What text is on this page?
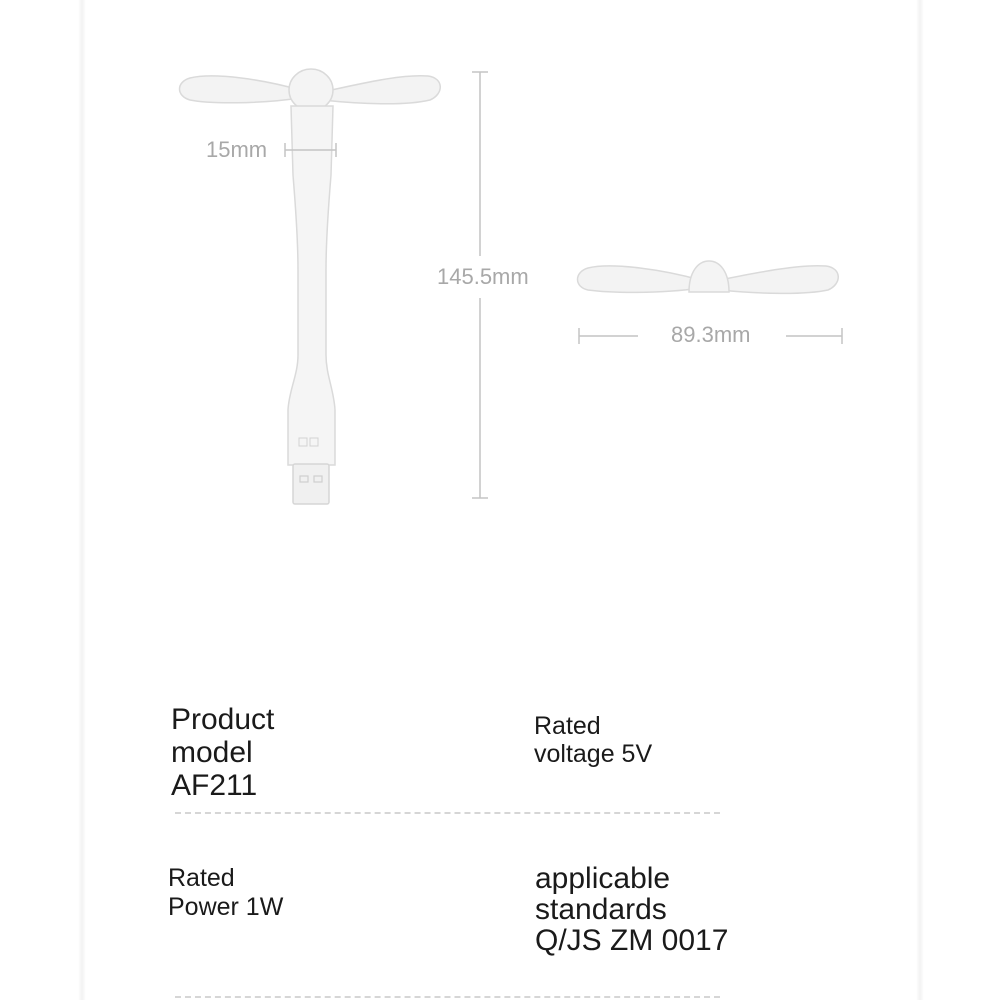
15mm
145.5mm
89.3mm
Product
model
AF211
Rated
voltage 5V
Rated
Power 1W
applicable
standards
Q/JS ZM 0017
